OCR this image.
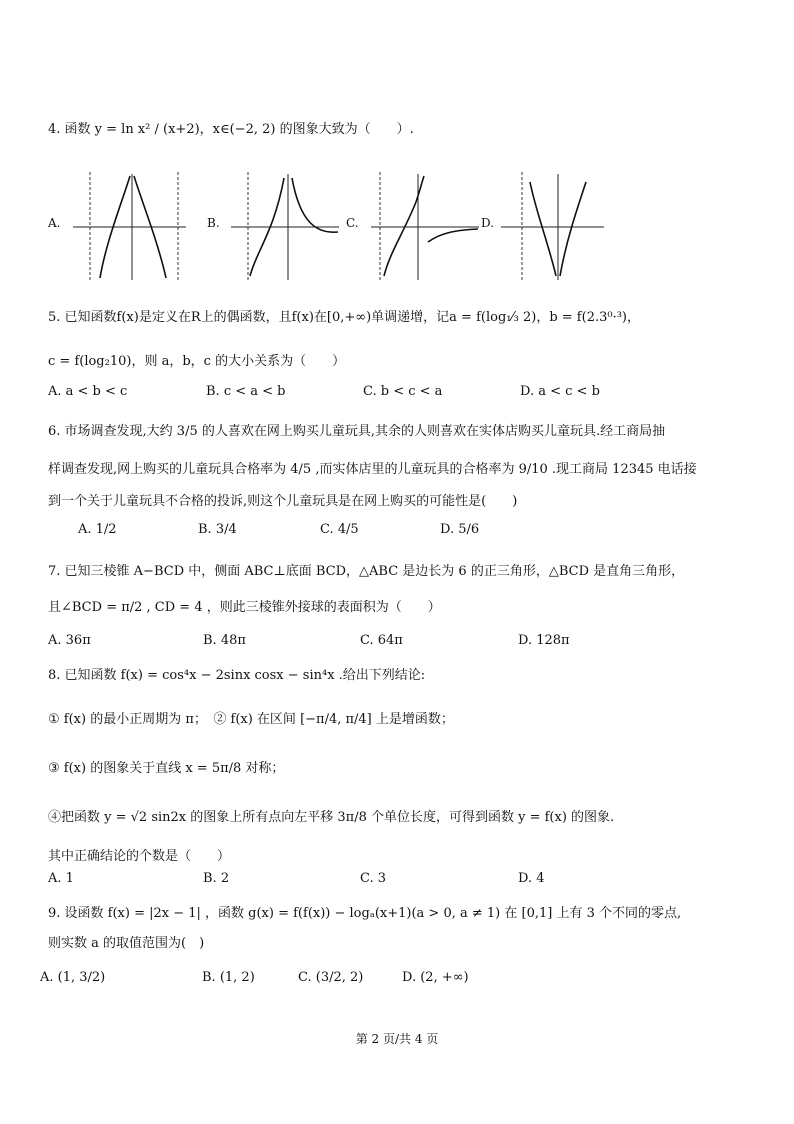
4. 函数 y = ln x² / (x+2)，x∈(−2, 2) 的图象大致为（　　）.
A.	B.	C.	D.
5. 已知函数f(x)是定义在R上的偶函数，且f(x)在[0,+∞)单调递增，记a = f(log₁⁄₃ 2)，b = f(2.3⁰·³)，
c = f(log₂10)，则 a，b，c 的大小关系为（　　）
A. a < b < c	B. c < a < b	C. b < c < a	D. a < c < b
6. 市场调查发现,大约 3/5 的人喜欢在网上购买儿童玩具,其余的人则喜欢在实体店购买儿童玩具.经工商局抽
样调查发现,网上购买的儿童玩具合格率为 4/5 ,而实体店里的儿童玩具的合格率为 9/10 .现工商局 12345 电话接
到一个关于儿童玩具不合格的投诉,则这个儿童玩具是在网上购买的可能性是(　　)
A. 1/2	B. 3/4	C. 4/5	D. 5/6
7. 已知三棱锥 A−BCD 中，侧面 ABC⊥底面 BCD，△ABC 是边长为 6 的正三角形，△BCD 是直角三角形，
且∠BCD = π/2 , CD = 4 ，则此三棱锥外接球的表面积为（　　）
A. 36π	B. 48π	C. 64π	D. 128π
8. 已知函数 f(x) = cos⁴x − 2sinx cosx − sin⁴x .给出下列结论:
① f(x) 的最小正周期为 π；　② f(x) 在区间 [−π/4, π/4] 上是增函数；
③ f(x) 的图象关于直线 x = 5π/8 对称；
④把函数 y = √2 sin2x 的图象上所有点向左平移 3π/8 个单位长度，可得到函数 y = f(x) 的图象.
其中正确结论的个数是（　　）
A. 1	B. 2	C. 3	D. 4
9. 设函数 f(x) = |2x − 1| ，函数 g(x) = f(f(x)) − logₐ(x+1)(a > 0, a ≠ 1) 在 [0,1] 上有 3 个不同的零点,
则实数 a 的取值范围为(　)
A. (1, 3/2)	B. (1, 2)	C. (3/2, 2)	D. (2, +∞)
第 2 页/共 4 页
